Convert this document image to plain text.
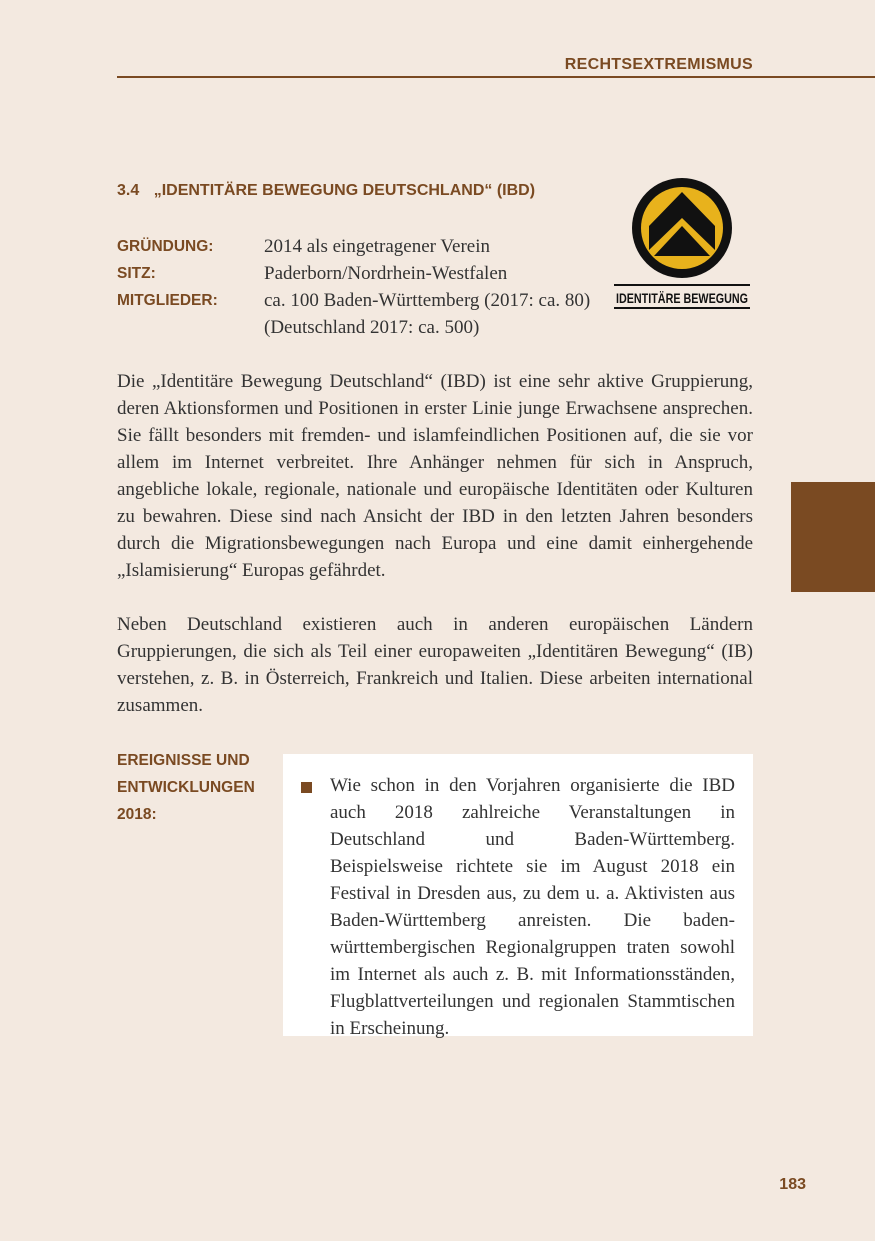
RECHTSEXTREMISMUS
3.4 „IDENTITÄRE BEWEGUNG DEUTSCHLAND“ (IBD)
GRÜNDUNG:	2014 als eingetragener Verein
SITZ:	Paderborn/Nordrhein-Westfalen
MITGLIEDER:	ca. 100 Baden-Württemberg (2017: ca. 80)
(Deutschland 2017: ca. 500)
IDENTITÄRE BEWEGUNG

Die „Identitäre Bewegung Deutschland“ (IBD) ist eine sehr aktive Gruppierung, deren Aktionsformen und Positionen in erster Linie junge Erwachsene ansprechen. Sie fällt besonders mit fremden- und islamfeindlichen Positionen auf, die sie vor allem im Internet verbreitet. Ihre Anhänger nehmen für sich in Anspruch, angebliche lokale, regionale, nationale und europäische Identitäten oder Kulturen zu bewahren. Diese sind nach Ansicht der IBD in den letzten Jahren besonders durch die Migrationsbewegungen nach Europa und eine damit einhergehende „Islamisierung“ Europas gefährdet.

Neben Deutschland existieren auch in anderen europäischen Ländern Gruppierungen, die sich als Teil einer europaweiten „Identitären Bewegung“ (IB) verstehen, z. B. in Österreich, Frankreich und Italien. Diese arbeiten international zusammen.

EREIGNISSE UND
ENTWICKLUNGEN
2018:

Wie schon in den Vorjahren organisierte die IBD auch 2018 zahlreiche Veranstaltungen in Deutschland und Baden-Württemberg. Beispielsweise richtete sie im August 2018 ein Festival in Dresden aus, zu dem u. a. Aktivisten aus Baden-Württemberg anreisten. Die baden-württembergischen Regionalgruppen traten sowohl im Internet als auch z. B. mit Informationsständen, Flugblattverteilungen und regionalen Stammtischen in Erscheinung.

183
